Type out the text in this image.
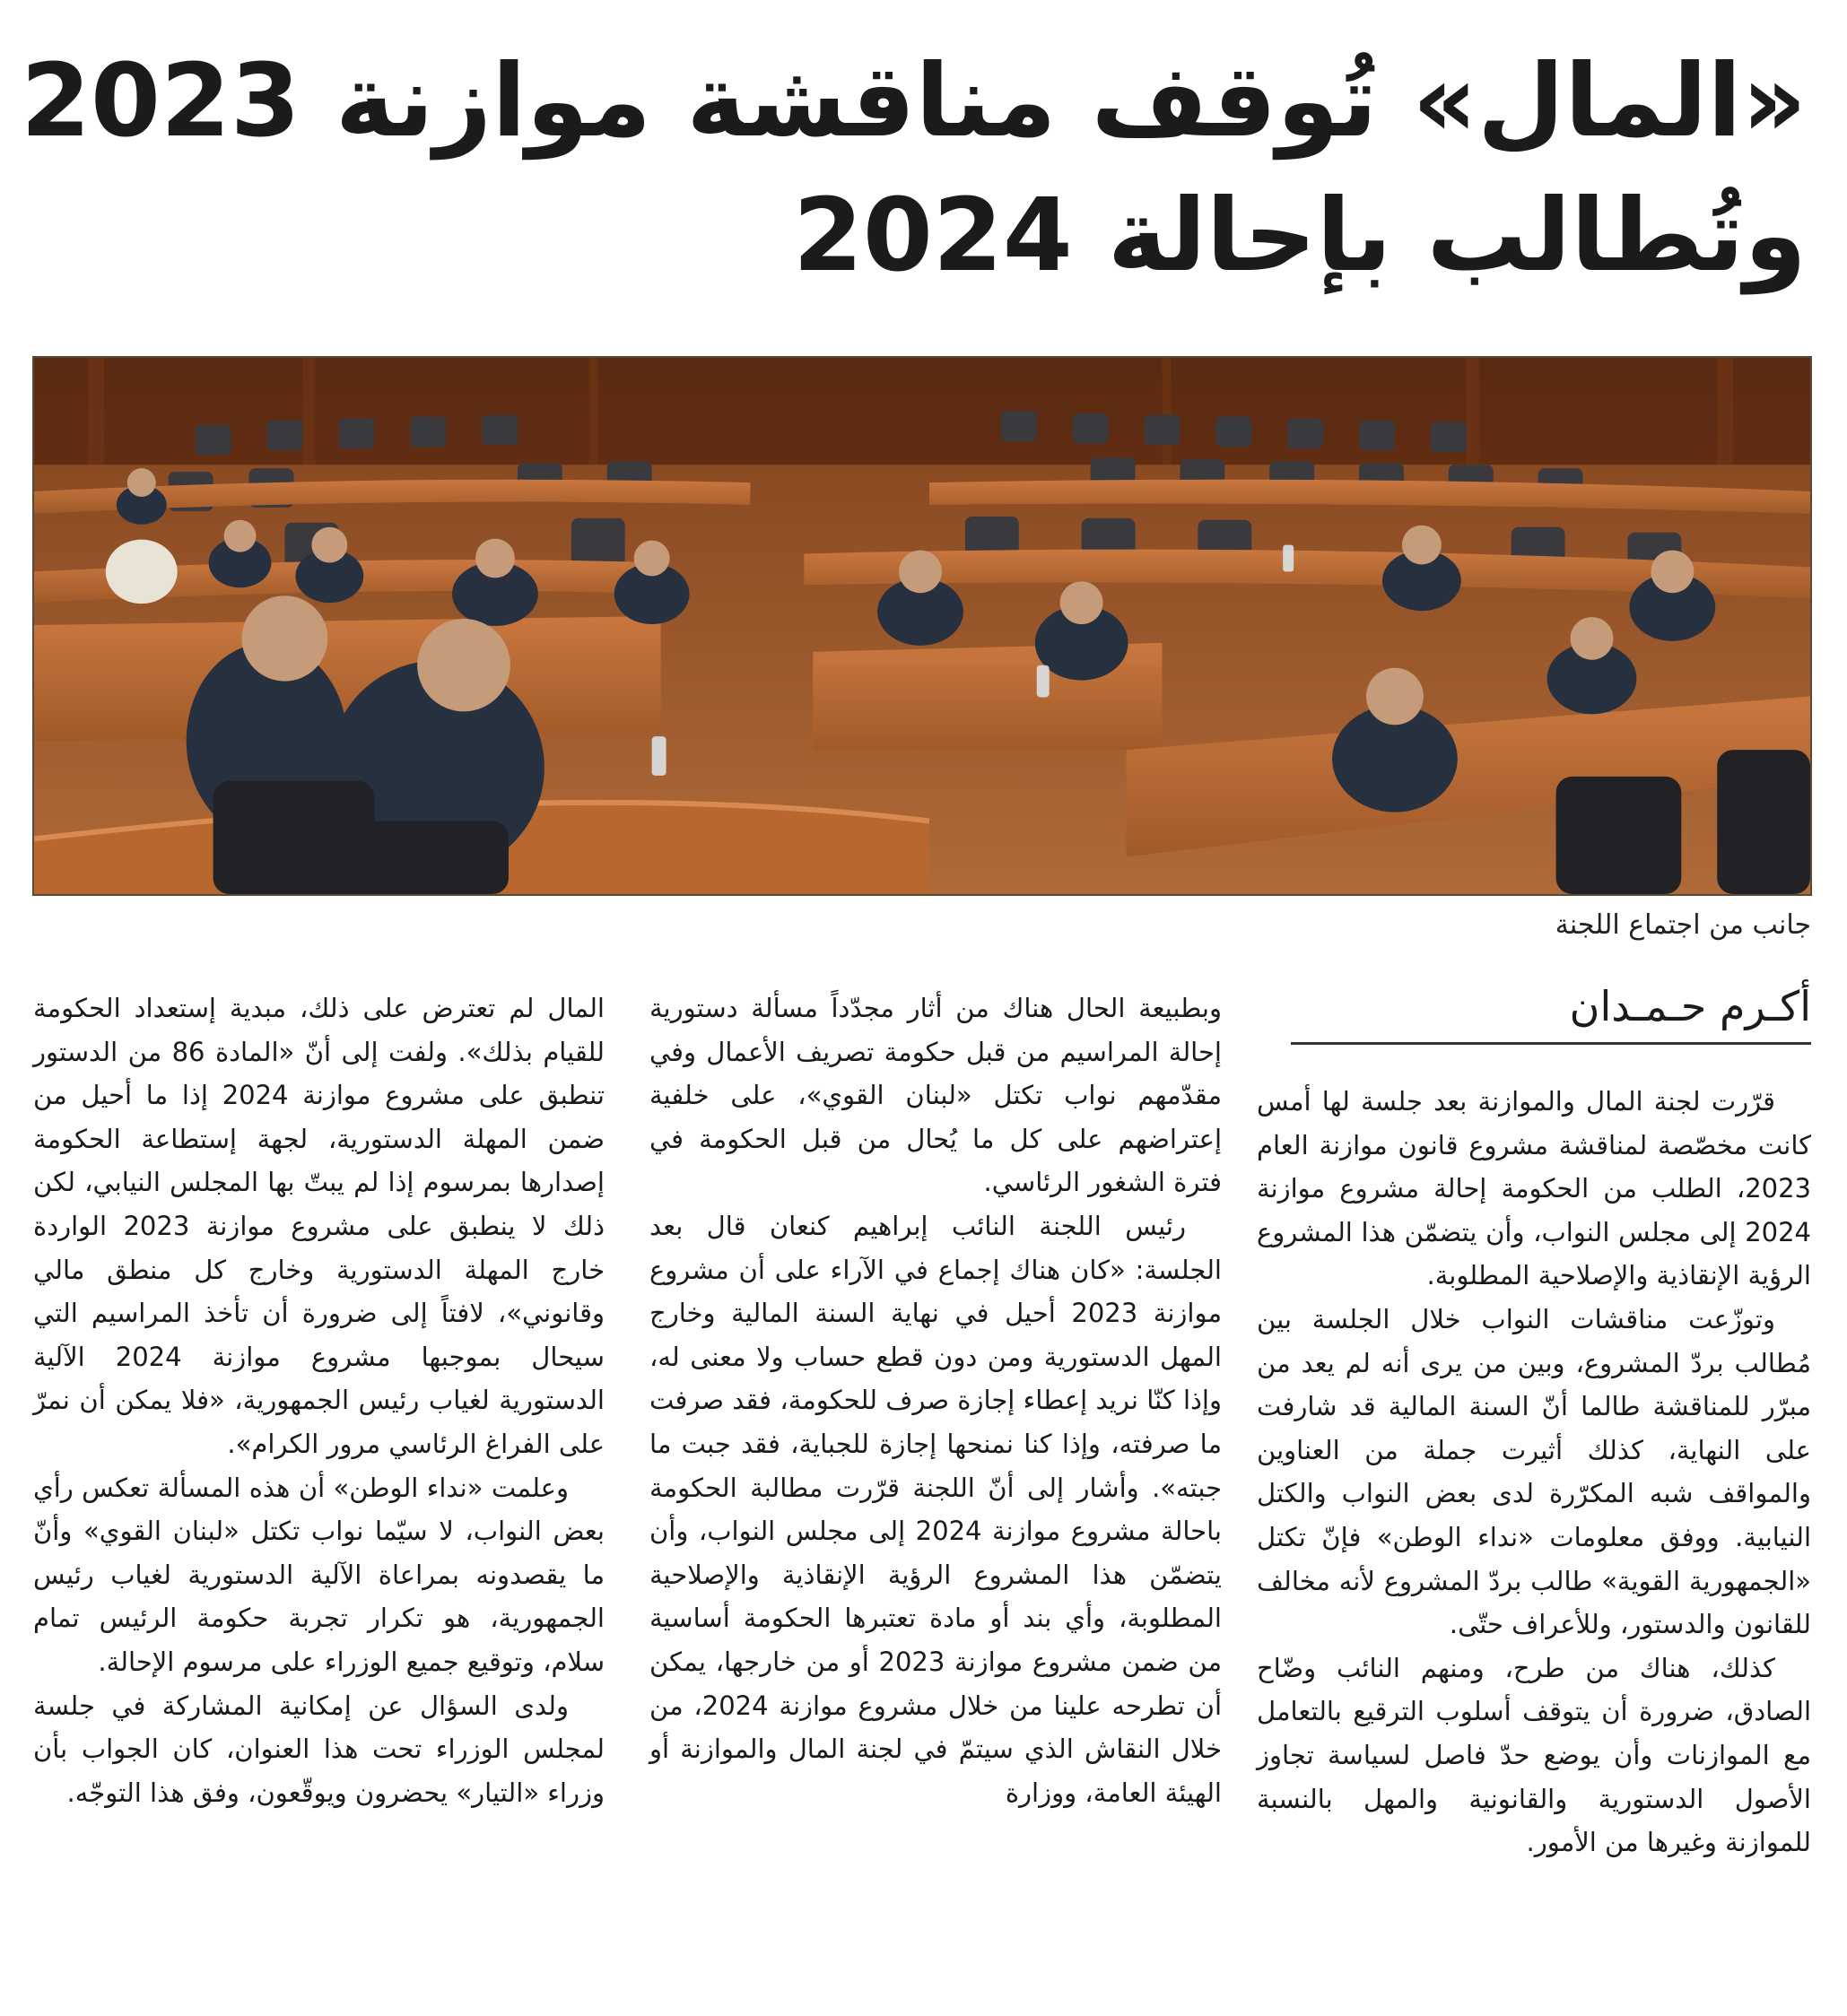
«المال» تُوقف مناقشة موازنة 2023
وتُطالب بإحالة 2024
جانب من اجتماع اللجنة
أكـرم حـمـدان

قرّرت لجنة المال والموازنة بعد جلسة لها أمس كانت مخصّصة لمناقشة مشروع قانون موازنة العام 2023، الطلب من الحكومة إحالة مشروع موازنة 2024 إلى مجلس النواب، وأن يتضمّن هذا المشروع الرؤية الإنقاذية والإصلاحية المطلوبة.

وتوزّعت مناقشات النواب خلال الجلسة بين مُطالب بردّ المشروع، وبين من يرى أنه لم يعد من مبرّر للمناقشة طالما أنّ السنة المالية قد شارفت على النهاية، كذلك أثيرت جملة من العناوين والمواقف شبه المكرّرة لدى بعض النواب والكتل النيابية. ووفق معلومات «نداء الوطن» فإنّ تكتل «الجمهورية القوية» طالب بردّ المشروع لأنه مخالف للقانون والدستور، وللأعراف حتّى.

كذلك، هناك من طرح، ومنهم النائب وضّاح الصادق، ضرورة أن يتوقف أسلوب الترقيع بالتعامل مع الموازنات وأن يوضع حدّ فاصل لسياسة تجاوز الأصول الدستورية والقانونية والمهل بالنسبة للموازنة وغيرها من الأمور.

وبطبيعة الحال هناك من أثار مجدّداً مسألة دستورية إحالة المراسيم من قبل حكومة تصريف الأعمال وفي مقدّمهم نواب تكتل «لبنان القوي»، على خلفية إعتراضهم على كل ما يُحال من قبل الحكومة في فترة الشغور الرئاسي.

رئيس اللجنة النائب إبراهيم كنعان قال بعد الجلسة: «كان هناك إجماع في الآراء على أن مشروع موازنة 2023 أحيل في نهاية السنة المالية وخارج المهل الدستورية ومن دون قطع حساب ولا معنى له، وإذا كنّا نريد إعطاء إجازة صرف للحكومة، فقد صرفت ما صرفته، وإذا كنا نمنحها إجازة للجباية، فقد جبت ما جبته». وأشار إلى أنّ اللجنة قرّرت مطالبة الحكومة باحالة مشروع موازنة 2024 إلى مجلس النواب، وأن يتضمّن هذا المشروع الرؤية الإنقاذية والإصلاحية المطلوبة، وأي بند أو مادة تعتبرها الحكومة أساسية من ضمن مشروع موازنة 2023 أو من خارجها، يمكن أن تطرحه علينا من خلال مشروع موازنة 2024، من خلال النقاش الذي سيتمّ في لجنة المال والموازنة أو الهيئة العامة، ووزارة

المال لم تعترض على ذلك، مبدية إستعداد الحكومة للقيام بذلك». ولفت إلى أنّ «المادة 86 من الدستور تنطبق على مشروع موازنة 2024 إذا ما أحيل من ضمن المهلة الدستورية، لجهة إستطاعة الحكومة إصدارها بمرسوم إذا لم يبتّ بها المجلس النيابي، لكن ذلك لا ينطبق على مشروع موازنة 2023 الواردة خارج المهلة الدستورية وخارج كل منطق مالي وقانوني»، لافتاً إلى ضرورة أن تأخذ المراسيم التي سيحال بموجبها مشروع موازنة 2024 الآلية الدستورية لغياب رئيس الجمهورية، «فلا يمكن أن نمرّ على الفراغ الرئاسي مرور الكرام».

وعلمت «نداء الوطن» أن هذه المسألة تعكس رأي بعض النواب، لا سيّما نواب تكتل «لبنان القوي» وأنّ ما يقصدونه بمراعاة الآلية الدستورية لغياب رئيس الجمهورية، هو تكرار تجربة حكومة الرئيس تمام سلام، وتوقيع جميع الوزراء على مرسوم الإحالة.

ولدى السؤال عن إمكانية المشاركة في جلسة لمجلس الوزراء تحت هذا العنوان، كان الجواب بأن وزراء «التيار» يحضرون ويوقّعون، وفق هذا التوجّه.
